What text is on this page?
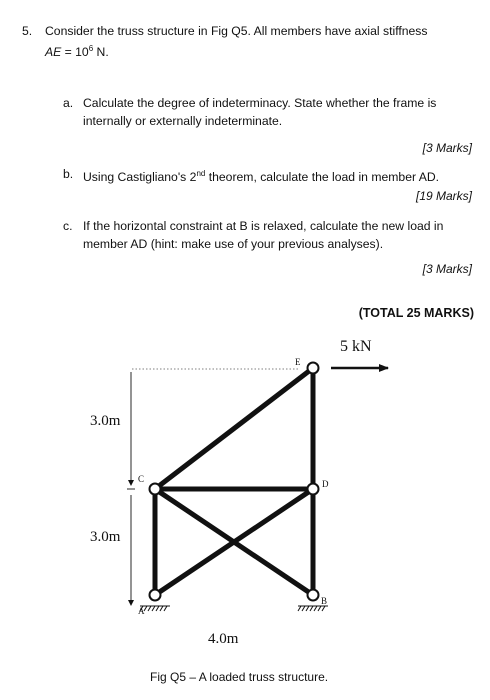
5. Consider the truss structure in Fig Q5. All members have axial stiffness
AE = $10^6$ N.
a. Calculate the degree of indeterminacy. State whether the frame is
internally or externally indeterminate.
[3 Marks]
b. Using Castigliano's 2nd theorem, calculate the load in member AD.
[19 Marks]
c. If the horizontal constraint at B is relaxed, calculate the new load in
member AD (hint: make use of your previous analyses).
[3 Marks]
(TOTAL 25 MARKS)
5 kN
3.0m
3.0m
4.0m
E
C	D
A
B
Fig Q5 – A loaded truss structure.
